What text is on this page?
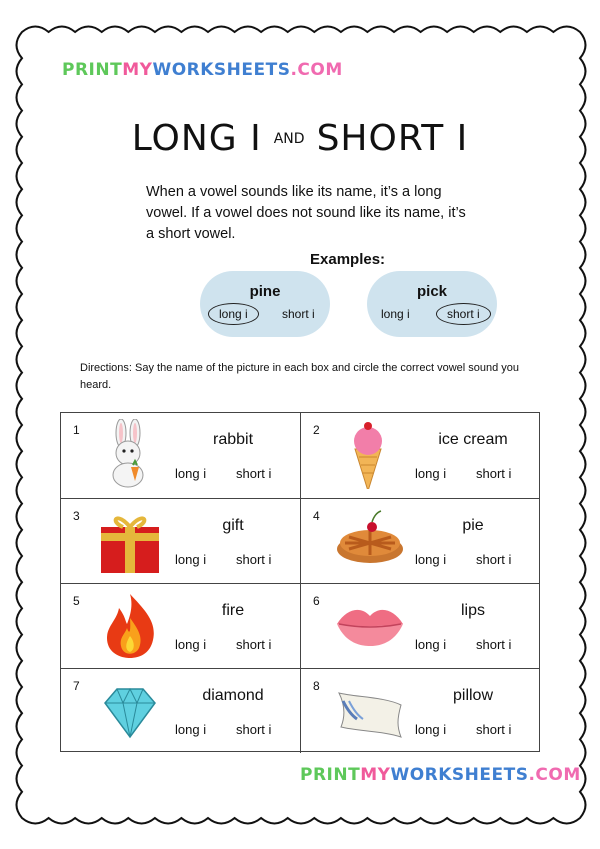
PRINTMYWORKSHEETS.COM
LONG I AND SHORT I
When a vowel sounds like its name, it’s a long vowel. If a vowel does not sound like its name, it’s a short vowel.
Examples:
pine
long i	short i
pick
long i	short i
Directions: Say the name of the picture in each box and circle the correct vowel sound you heard.
1
rabbit
long i short i
2
ice cream
long i short i
3
gift
long i short i
4
pie
long i short i
5
fire
long i short i
6
lips
long i short i
7
diamond
long i short i
8
pillow
long i short i
PRINTMYWORKSHEETS.COM
